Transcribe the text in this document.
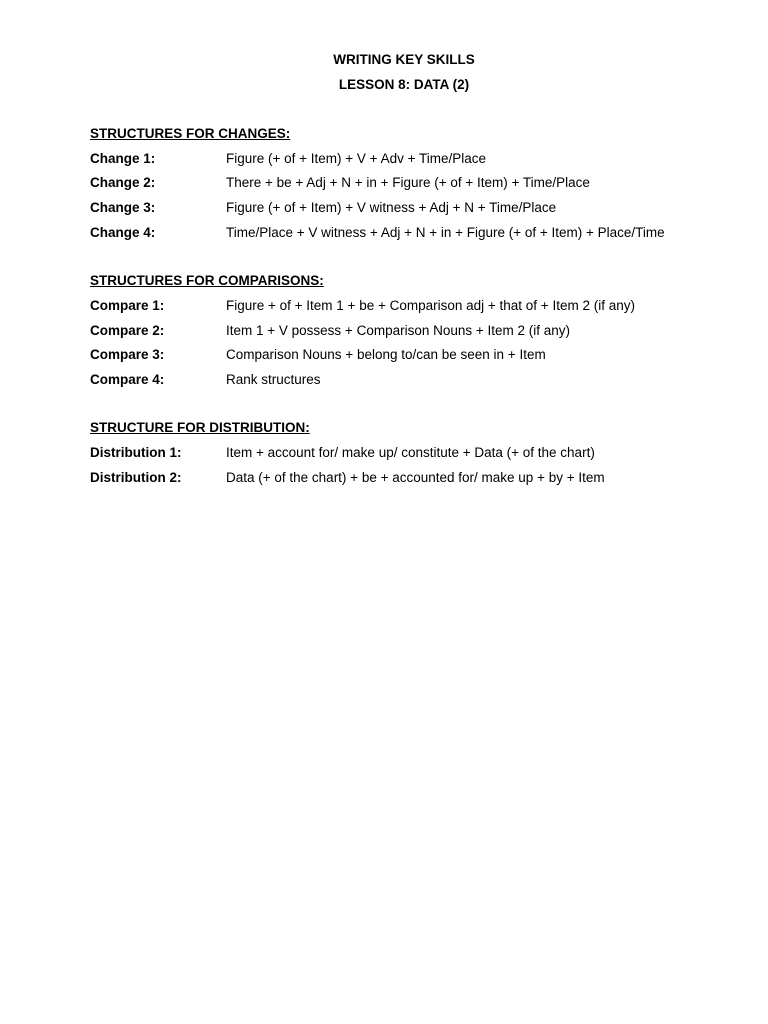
WRITING KEY SKILLS
LESSON 8: DATA (2)
STRUCTURES FOR CHANGES:
Change 1:	Figure (+ of + Item) + V + Adv + Time/Place
Change 2:	There + be + Adj + N + in + Figure (+ of + Item) + Time/Place
Change 3:	Figure (+ of + Item) + V witness + Adj + N + Time/Place
Change 4:	Time/Place + V witness + Adj + N + in + Figure (+ of + Item) + Place/Time
STRUCTURES FOR COMPARISONS:
Compare 1:	Figure + of + Item 1 + be + Comparison adj + that of + Item 2 (if any)
Compare 2:	Item 1 + V possess + Comparison Nouns + Item 2 (if any)
Compare 3:	Comparison Nouns + belong to/can be seen in + Item
Compare 4:	Rank structures
STRUCTURE FOR DISTRIBUTION:
Distribution 1:	Item + account for/ make up/ constitute + Data (+ of the chart)
Distribution 2:	Data (+ of the chart) + be + accounted for/ make up + by + Item
